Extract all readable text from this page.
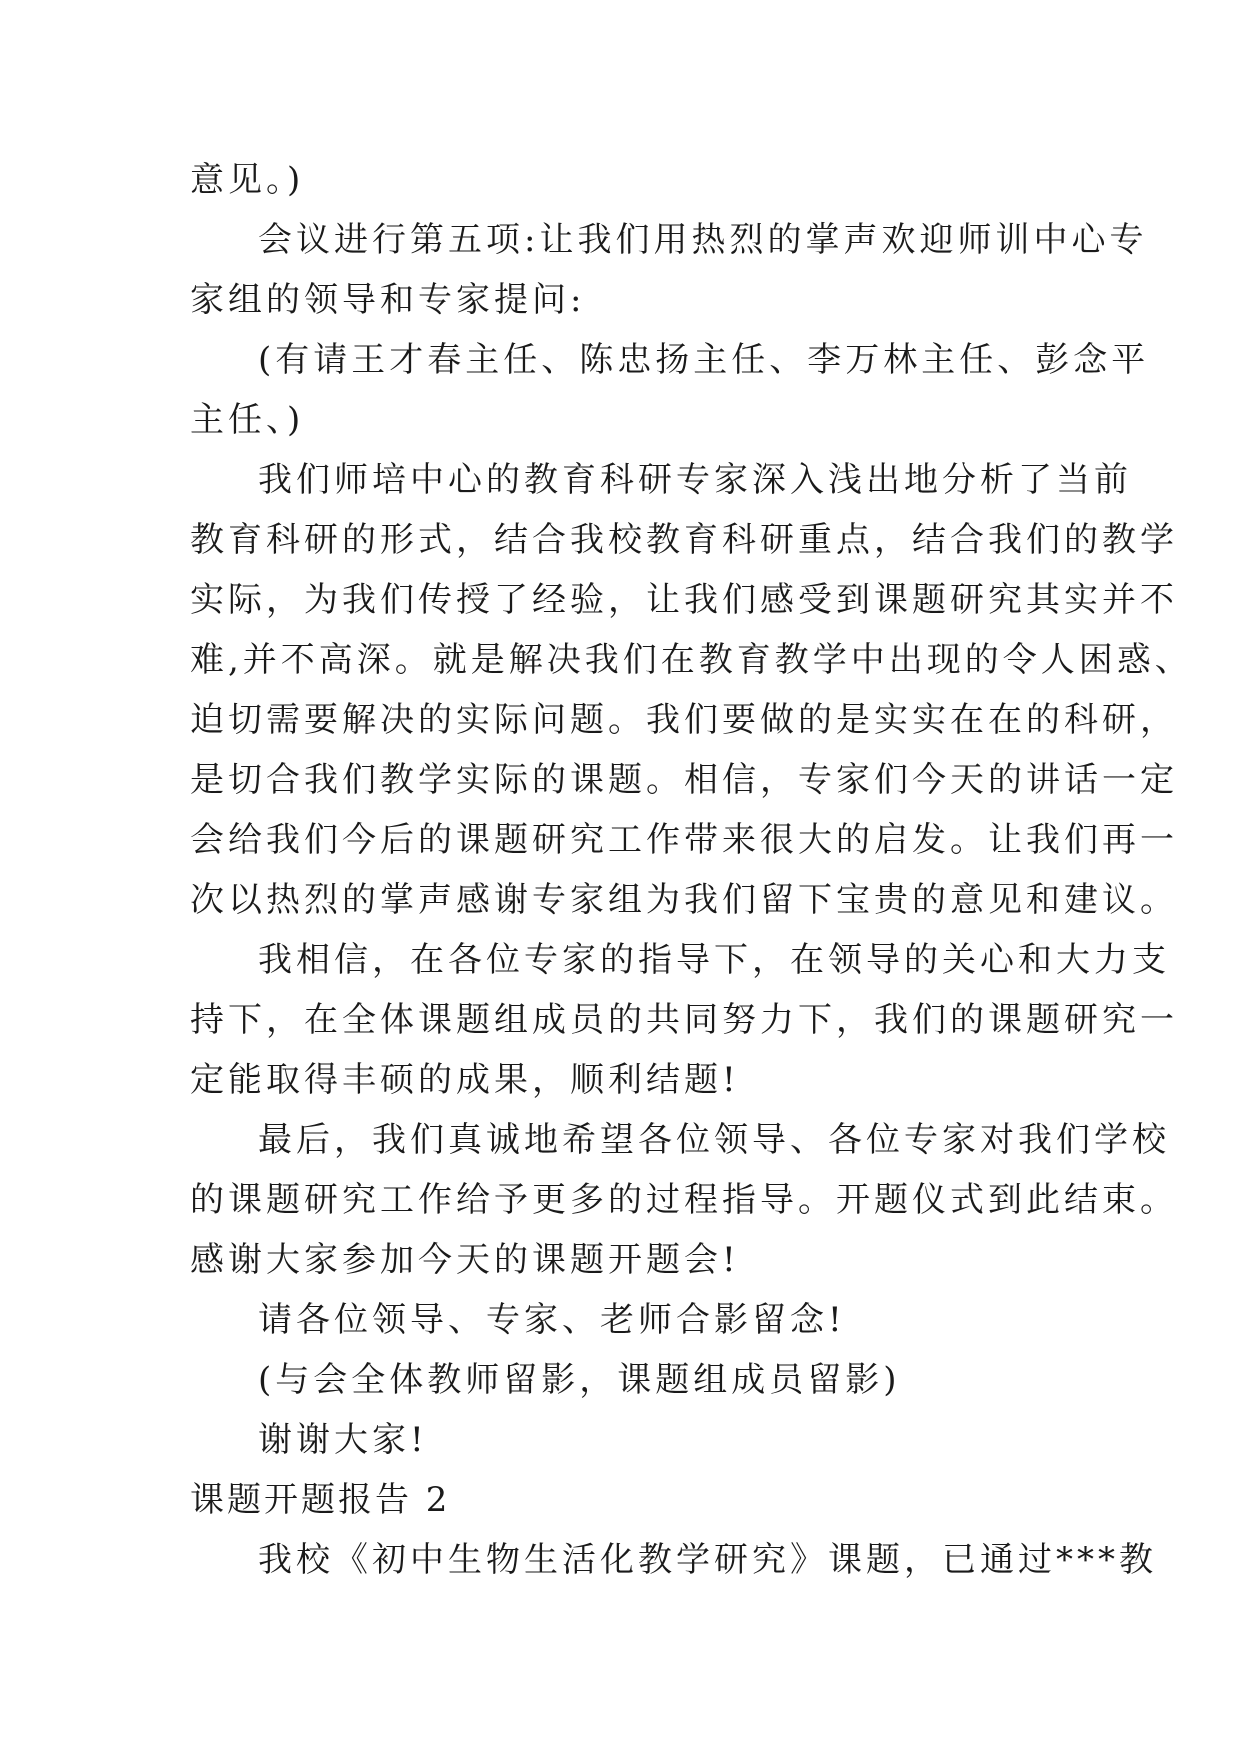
意见。)
会议进行第五项:让我们用热烈的掌声欢迎师训中心专
家组的领导和专家提问:
(有请王才春主任、陈忠扬主任、李万林主任、彭念平
主任、)
我们师培中心的教育科研专家深入浅出地分析了当前
教育科研的形式，结合我校教育科研重点，结合我们的教学
实际，为我们传授了经验，让我们感受到课题研究其实并不
难,并不高深。就是解决我们在教育教学中出现的令人困惑、
迫切需要解决的实际问题。我们要做的是实实在在的科研，
是切合我们教学实际的课题。相信，专家们今天的讲话一定
会给我们今后的课题研究工作带来很大的启发。让我们再一
次以热烈的掌声感谢专家组为我们留下宝贵的意见和建议。
我相信，在各位专家的指导下，在领导的关心和大力支
持下，在全体课题组成员的共同努力下，我们的课题研究一
定能取得丰硕的成果，顺利结题!
最后，我们真诚地希望各位领导、各位专家对我们学校
的课题研究工作给予更多的过程指导。开题仪式到此结束。
感谢大家参加今天的课题开题会!
请各位领导、专家、老师合影留念!
(与会全体教师留影，课题组成员留影)
谢谢大家!
课题开题报告 2
我校《初中生物生活化教学研究》课题，已通过***教
